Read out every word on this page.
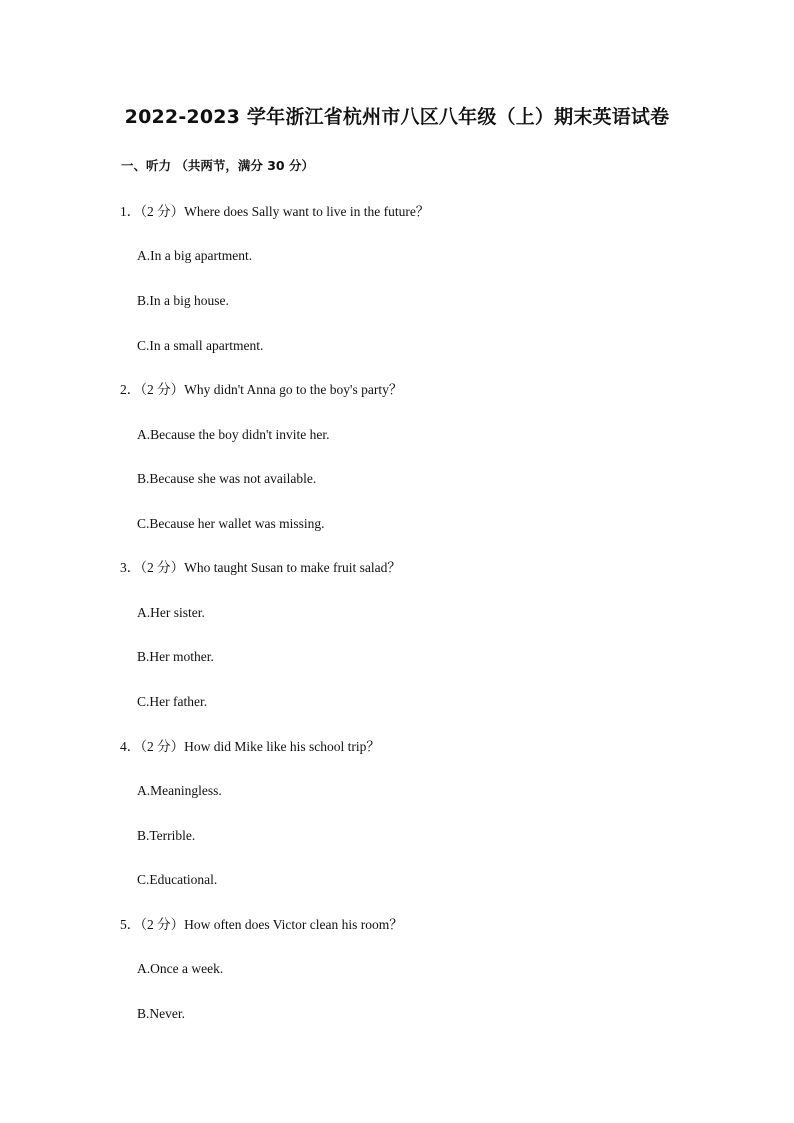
2022-2023 学年浙江省杭州市八区八年级（上）期末英语试卷
一、听力 （共两节，满分 30 分）
1．（2 分）Where does Sally want to live in the future？
A.In a big apartment.
B.In a big house.
C.In a small apartment.
2．（2 分）Why didn't Anna go to the boy's party？
A.Because the boy didn't invite her.
B.Because she was not available.
C.Because her wallet was missing.
3．（2 分）Who taught Susan to make fruit salad？
A.Her sister.
B.Her mother.
C.Her father.
4．（2 分）How did Mike like his school trip？
A.Meaningless.
B.Terrible.
C.Educational.
5．（2 分）How often does Victor clean his room？
A.Once a week.
B.Never.
